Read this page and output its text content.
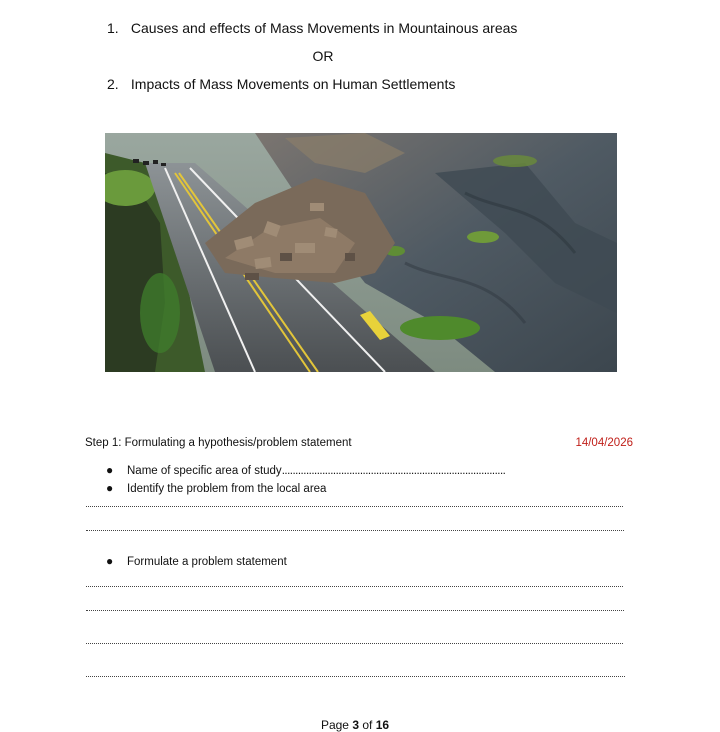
1. Causes and effects of Mass Movements in Mountainous areas
OR
2. Impacts of Mass Movements on Human Settlements
Step 1: Formulating a hypothesis/problem statement	14/04/2026
● Name of specific area of study...................................................................................
● Identify the problem from the local area
● Formulate a problem statement
Page 3 of 16
